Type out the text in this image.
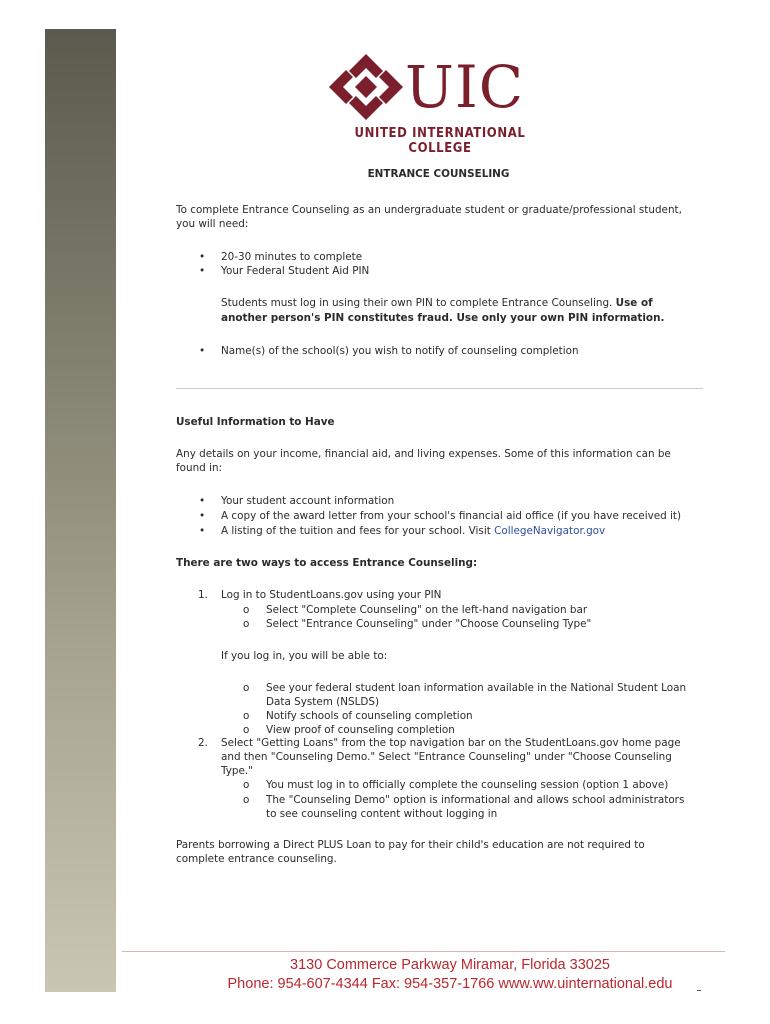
UIC
UNITED INTERNATIONAL COLLEGE
ENTRANCE COUNSELING
To complete Entrance Counseling as an undergraduate student or graduate/professional student,
you will need:
• 20-30 minutes to complete
• Your Federal Student Aid PIN
Students must log in using their own PIN to complete Entrance Counseling. Use of
another person's PIN constitutes fraud. Use only your own PIN information.
• Name(s) of the school(s) you wish to notify of counseling completion
Useful Information to Have
Any details on your income, financial aid, and living expenses. Some of this information can be
found in:
• Your student account information
• A copy of the award letter from your school's financial aid office (if you have received it)
• A listing of the tuition and fees for your school. Visit CollegeNavigator.gov
There are two ways to access Entrance Counseling:
1. Log in to StudentLoans.gov using your PIN
o Select "Complete Counseling" on the left-hand navigation bar
o Select "Entrance Counseling" under "Choose Counseling Type"
If you log in, you will be able to:
o See your federal student loan information available in the National Student Loan
Data System (NSLDS)
o Notify schools of counseling completion
o View proof of counseling completion
2. Select "Getting Loans" from the top navigation bar on the StudentLoans.gov home page
and then "Counseling Demo." Select "Entrance Counseling" under "Choose Counseling
Type."
o You must log in to officially complete the counseling session (option 1 above)
o The "Counseling Demo" option is informational and allows school administrators
to see counseling content without logging in
Parents borrowing a Direct PLUS Loan to pay for their child's education are not required to
complete entrance counseling.
3130 Commerce Parkway Miramar, Florida 33025
Phone: 954-607-4344 Fax: 954-357-1766 www.ww.uinternational.edu
